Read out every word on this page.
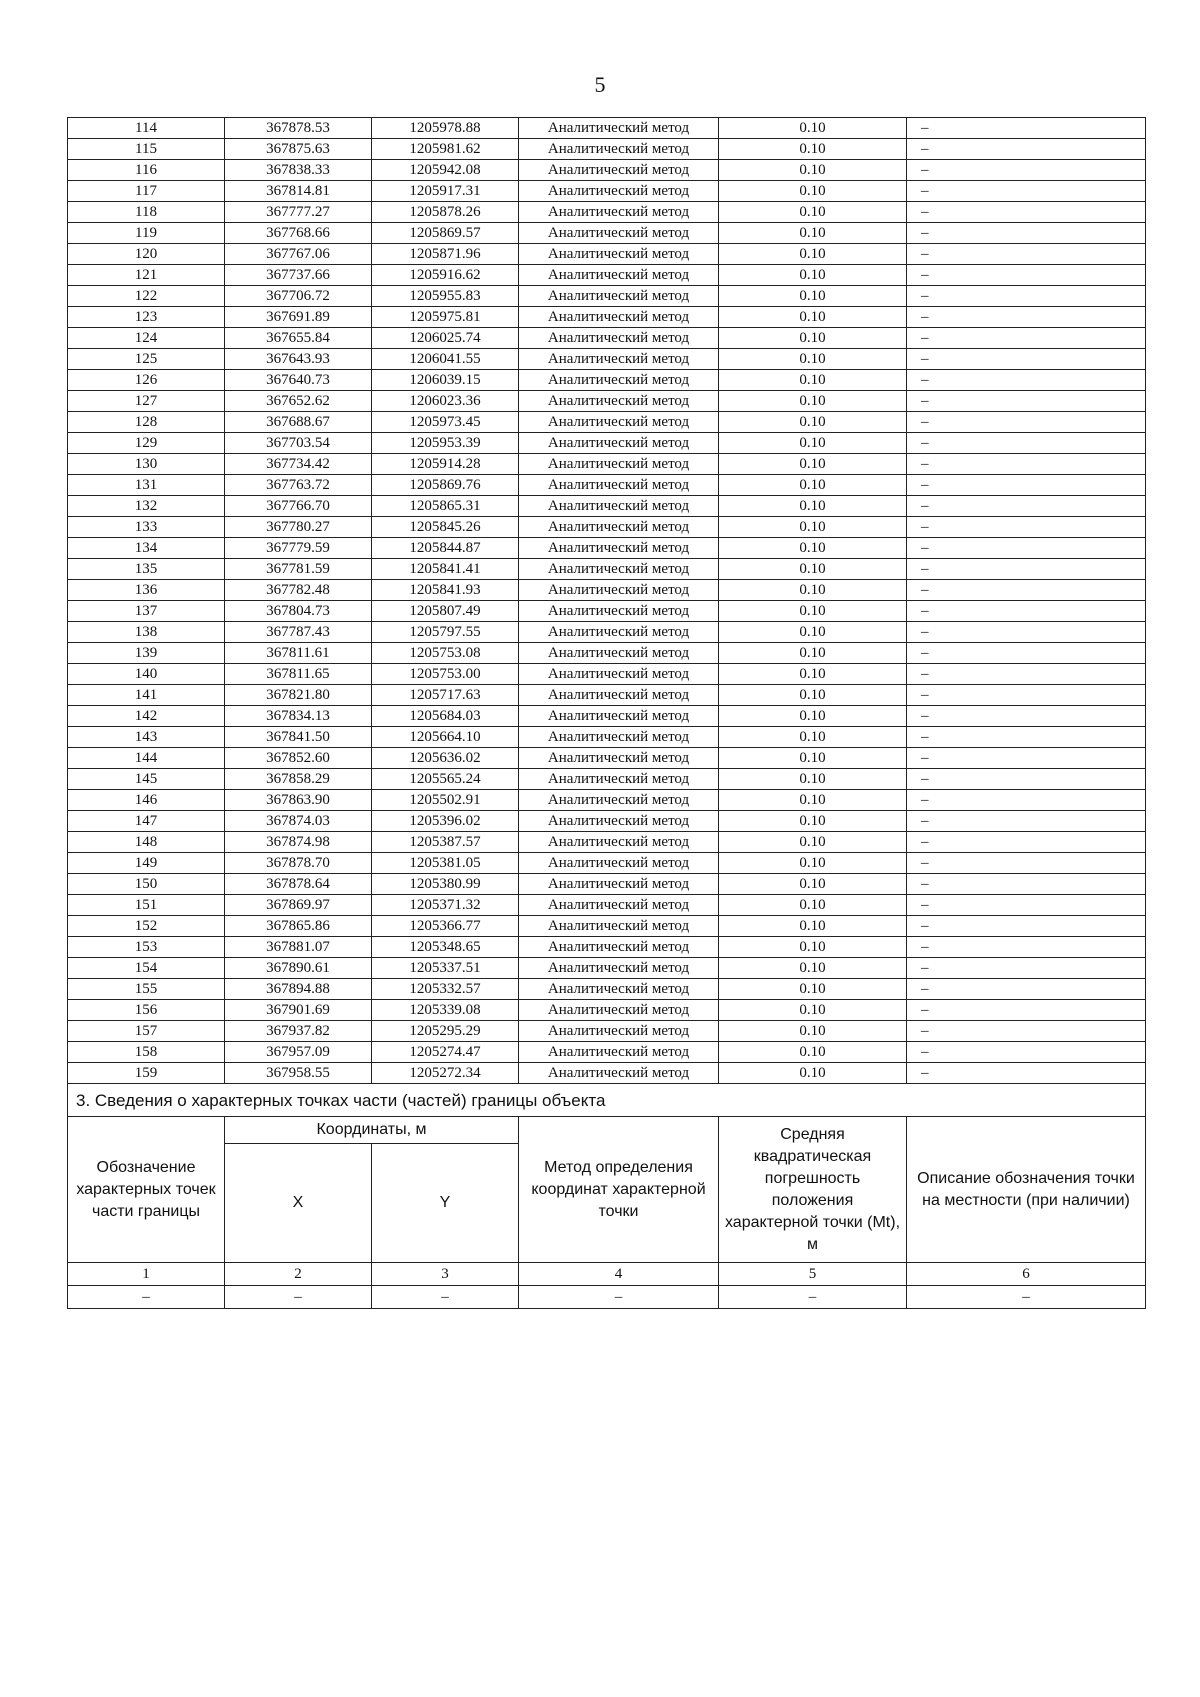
5
114	367878.53	1205978.88	Аналитический метод	0.10	–
115	367875.63	1205981.62	Аналитический метод	0.10	–
116	367838.33	1205942.08	Аналитический метод	0.10	–
117	367814.81	1205917.31	Аналитический метод	0.10	–
118	367777.27	1205878.26	Аналитический метод	0.10	–
119	367768.66	1205869.57	Аналитический метод	0.10	–
120	367767.06	1205871.96	Аналитический метод	0.10	–
121	367737.66	1205916.62	Аналитический метод	0.10	–
122	367706.72	1205955.83	Аналитический метод	0.10	–
123	367691.89	1205975.81	Аналитический метод	0.10	–
124	367655.84	1206025.74	Аналитический метод	0.10	–
125	367643.93	1206041.55	Аналитический метод	0.10	–
126	367640.73	1206039.15	Аналитический метод	0.10	–
127	367652.62	1206023.36	Аналитический метод	0.10	–
128	367688.67	1205973.45	Аналитический метод	0.10	–
129	367703.54	1205953.39	Аналитический метод	0.10	–
130	367734.42	1205914.28	Аналитический метод	0.10	–
131	367763.72	1205869.76	Аналитический метод	0.10	–
132	367766.70	1205865.31	Аналитический метод	0.10	–
133	367780.27	1205845.26	Аналитический метод	0.10	–
134	367779.59	1205844.87	Аналитический метод	0.10	–
135	367781.59	1205841.41	Аналитический метод	0.10	–
136	367782.48	1205841.93	Аналитический метод	0.10	–
137	367804.73	1205807.49	Аналитический метод	0.10	–
138	367787.43	1205797.55	Аналитический метод	0.10	–
139	367811.61	1205753.08	Аналитический метод	0.10	–
140	367811.65	1205753.00	Аналитический метод	0.10	–
141	367821.80	1205717.63	Аналитический метод	0.10	–
142	367834.13	1205684.03	Аналитический метод	0.10	–
143	367841.50	1205664.10	Аналитический метод	0.10	–
144	367852.60	1205636.02	Аналитический метод	0.10	–
145	367858.29	1205565.24	Аналитический метод	0.10	–
146	367863.90	1205502.91	Аналитический метод	0.10	–
147	367874.03	1205396.02	Аналитический метод	0.10	–
148	367874.98	1205387.57	Аналитический метод	0.10	–
149	367878.70	1205381.05	Аналитический метод	0.10	–
150	367878.64	1205380.99	Аналитический метод	0.10	–
151	367869.97	1205371.32	Аналитический метод	0.10	–
152	367865.86	1205366.77	Аналитический метод	0.10	–
153	367881.07	1205348.65	Аналитический метод	0.10	–
154	367890.61	1205337.51	Аналитический метод	0.10	–
155	367894.88	1205332.57	Аналитический метод	0.10	–
156	367901.69	1205339.08	Аналитический метод	0.10	–
157	367937.82	1205295.29	Аналитический метод	0.10	–
158	367957.09	1205274.47	Аналитический метод	0.10	–
159	367958.55	1205272.34	Аналитический метод	0.10	–
3. Сведения о характерных точках части (частей) границы объекта					
Обозначение характерных точек части границы	Координаты, м		Метод определения координат характерной точки	Средняя квадратическая погрешность положения характерной точки (Mt), м	Описание обозначения точки на местности (при наличии)
	X	Y			
1	2	3	4	5	6
–	–	–	–	–	–
